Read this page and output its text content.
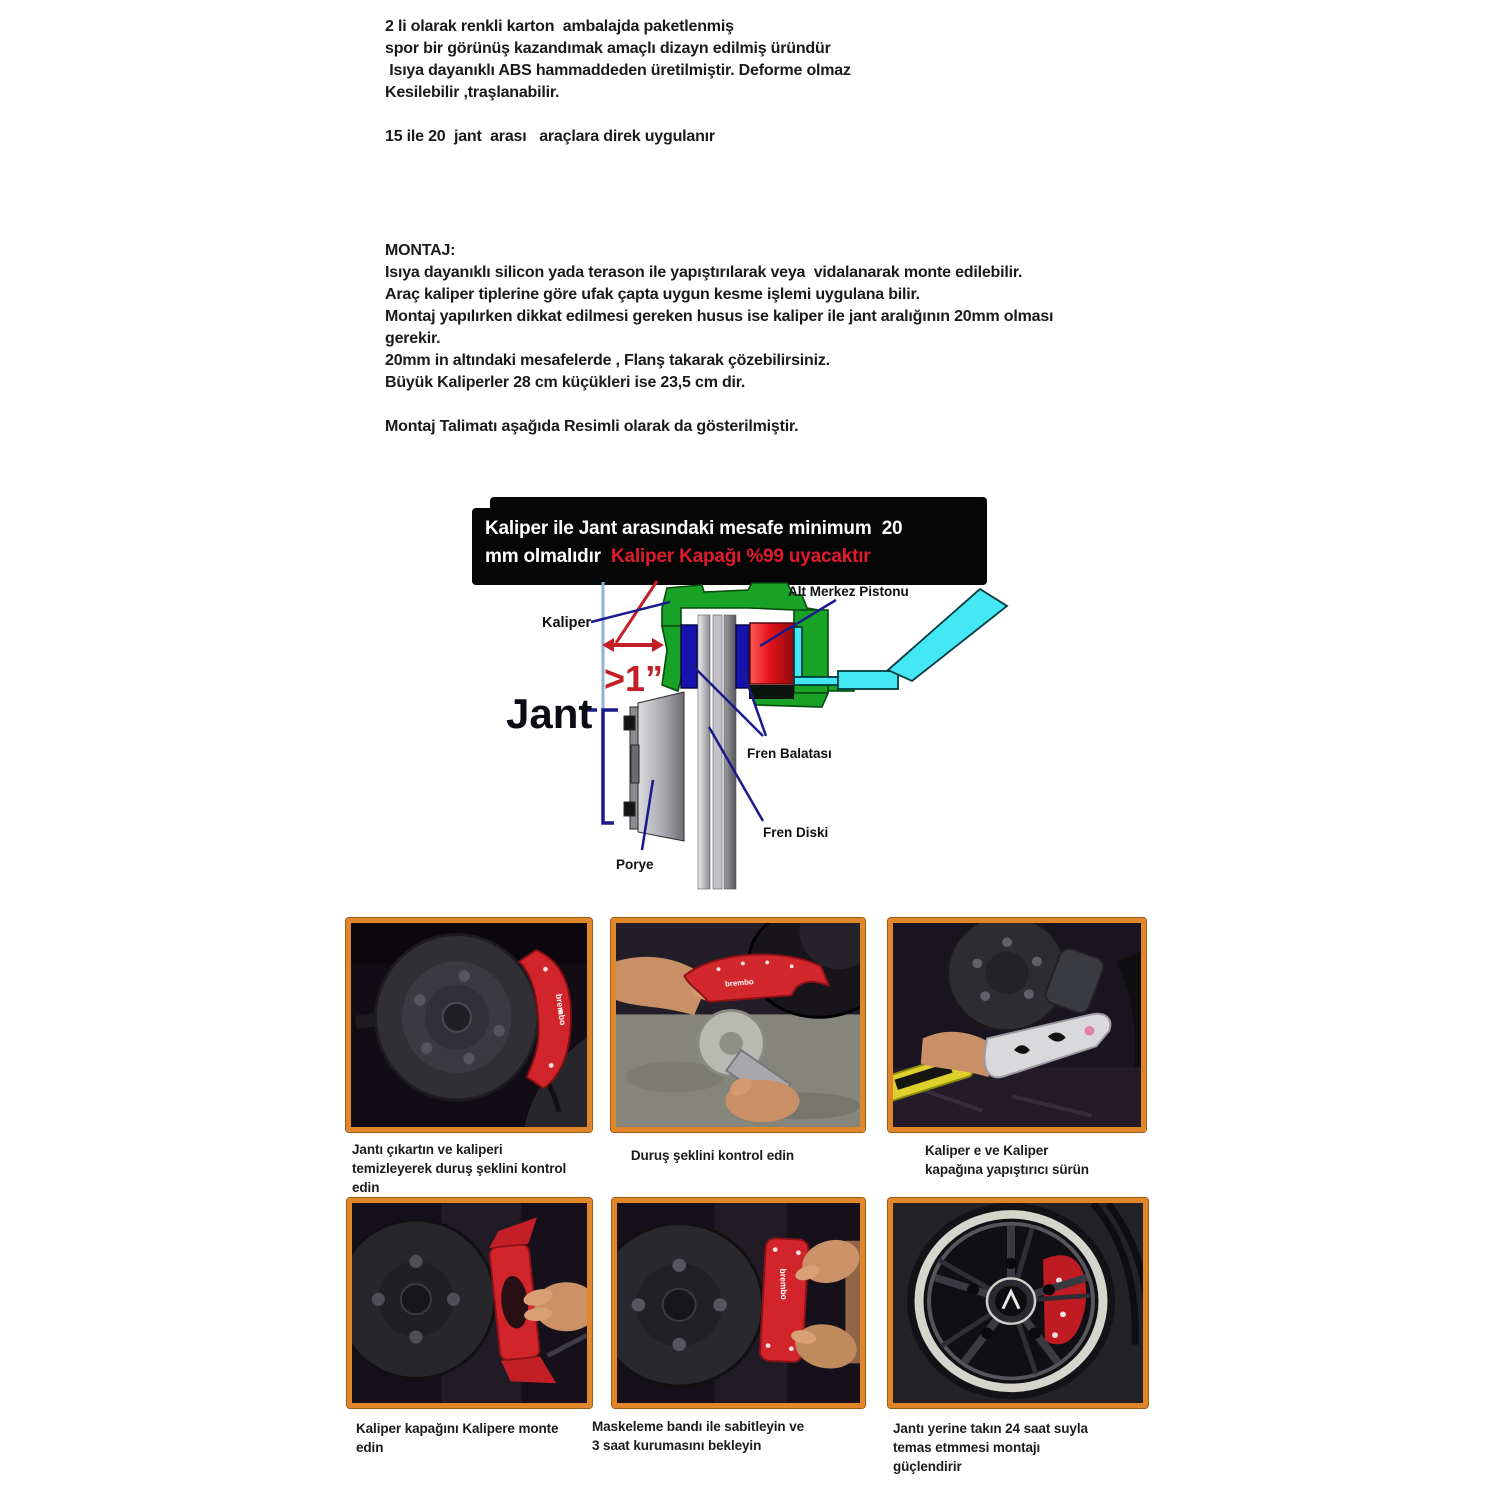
2 li olarak renkli karton  ambalajda paketlenmiş
spor bir görünüş kazandımak amaçlı dizayn edilmiş üründür
Isıya dayanıklı ABS hammaddeden üretilmiştir. Deforme olmaz
Kesilebilir ,traşlanabilir.
15 ile 20  jant  arası   araçlara direk uygulanır
MONTAJ:
Isıya dayanıklı silicon yada terason ile yapıştırılarak veya  vidalanarak monte edilebilir.
Araç kaliper tiplerine göre ufak çapta uygun kesme işlemi uygulana bilir.
Montaj yapılırken dikkat edilmesi gereken husus ise kaliper ile jant aralığının 20mm olması
gerekir.
20mm in altındaki mesafelerde , Flanş takarak çözebilirsiniz.
Büyük Kaliperler 28 cm küçükleri ise 23,5 cm dir.
Montaj Talimatı aşağıda Resimli olarak da gösterilmiştir.
Kaliper ile Jant arasındaki mesafe minimum  20
mm olmalıdır  Kaliper Kapağı %99 uyacaktır
>1”
Kaliper
Jant
Alt Merkez Pistonu
Fren Balatası
Fren Diski
Porye
brembo
brembo
brembo
Jantı çıkartın ve kaliperi
temizleyerek duruş şeklini kontrol
edin
Duruş şeklini kontrol edin	Kaliper e ve Kaliper
kapağına yapıştırıcı sürün
Kaliper kapağını Kalipere monte
edin
Maskeleme bandı ile sabitleyin ve
3 saat kurumasını bekleyin
Jantı yerine takın 24 saat suyla
temas etmmesi montajı
güçlendirir
